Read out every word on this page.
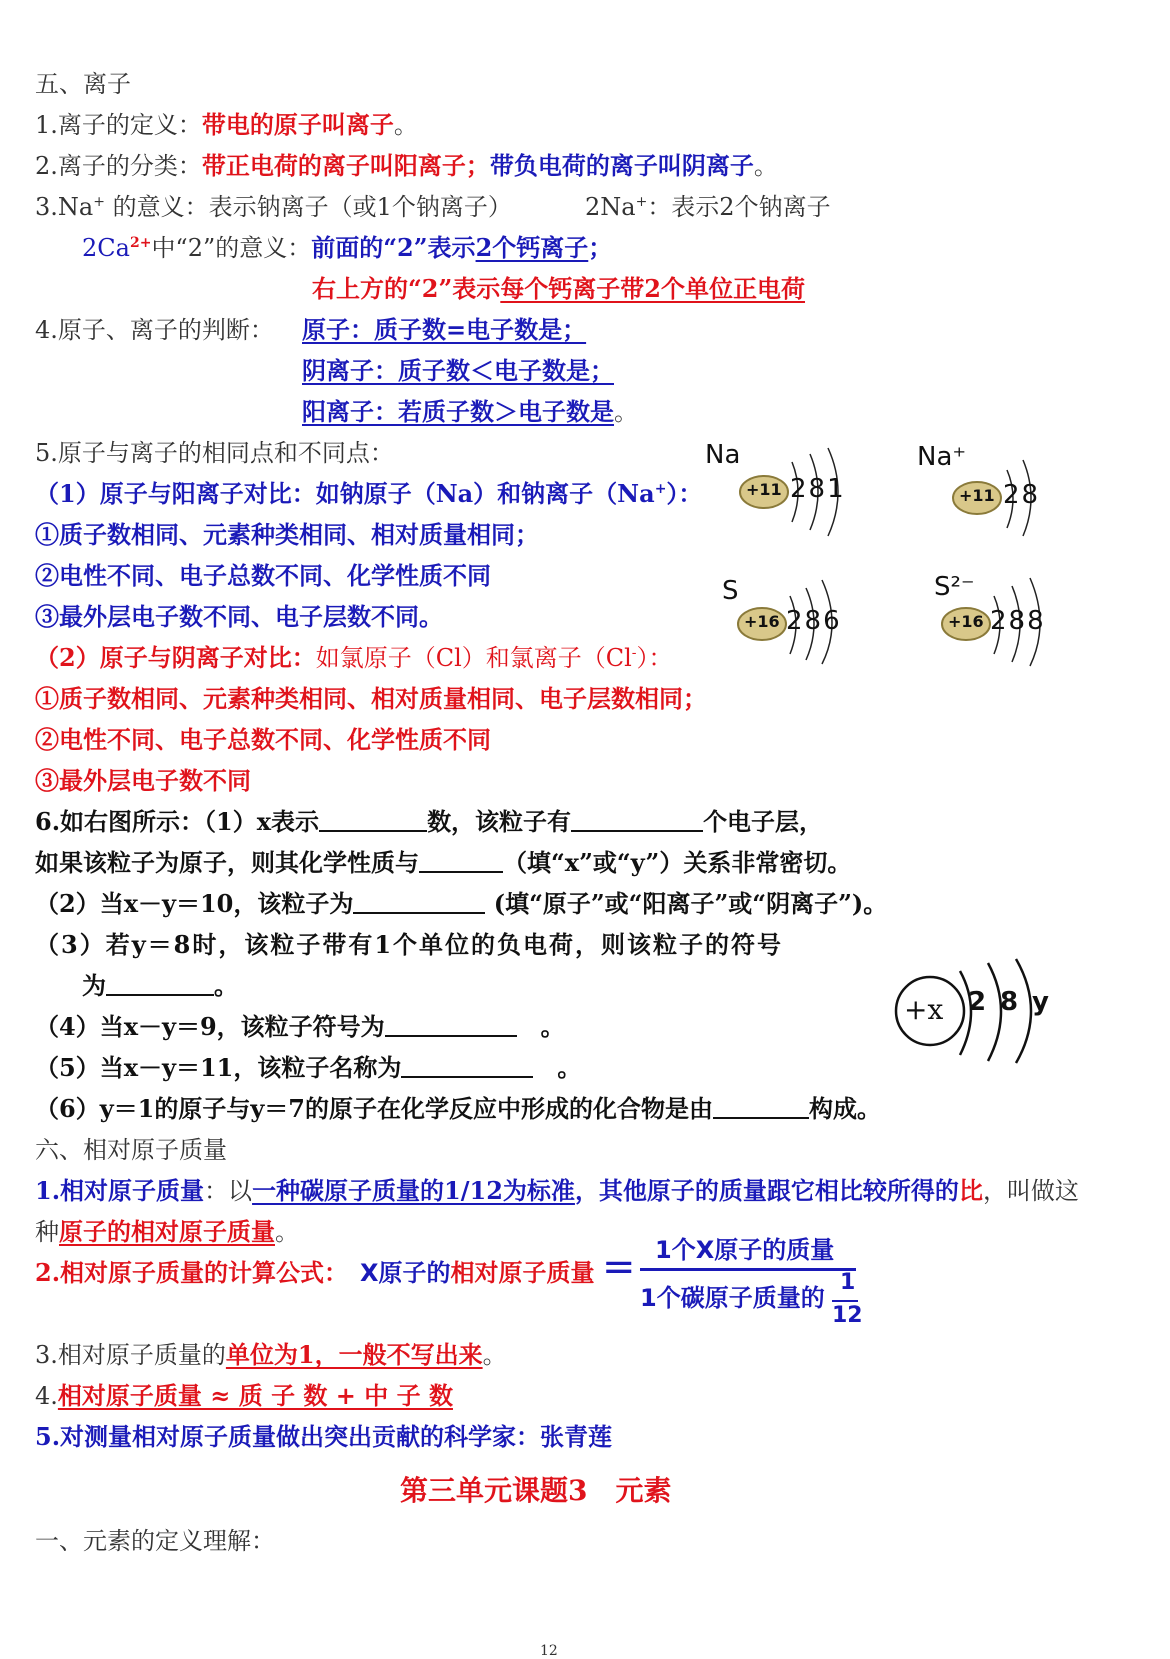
五、离子
1.离子的定义：带电的原子叫离子。
2.离子的分类：带正电荷的离子叫阳离子；带负电荷的离子叫阴离子。
3.Na+ 的意义：表示钠离子（或1个钠离子）	2Na+：表示2个钠离子
$2Ca^{2+}$中“2”的意义：前面的“2”表示2个钙离子；
右上方的“2”表示每个钙离子带2个单位正电荷
4.原子、离子的判断： 原子：质子数=电子数是；
阴离子：质子数＜电子数是；
阳离子：若质子数＞电子数是。
5.原子与离子的相同点和不同点：
（1）原子与阳离子对比：如钠原子（Na）和钠离子（Na+）：
①质子数相同、元素种类相同、相对质量相同；
②电性不同、电子总数不同、化学性质不同
③最外层电子数不同、电子层数不同。
（2）原子与阴离子对比：如氯原子（Cl）和氯离子（Cl-）：
①质子数相同、元素种类相同、相对质量相同、电子层数相同；
②电性不同、电子总数不同、化学性质不同
③最外层电子数不同
Na
+11 281
Na⁺
+11 28
S
+16 286
S²⁻
+16 288
6.如右图所示：（1）x表示	数，该粒子有	个电子层，
如果该粒子为原子，则其化学性质与	（填“x”或“y”）关系非常密切。
（2）当x－y＝10，该粒子为	(填“原子”或“阳离子”或“阴离子”)。
（3）若y＝8时，该粒子带有1个单位的负电荷，则该粒子的符号
为	。
（4）当x－y＝9，该粒子符号为　	。
（5）当x－y＝11，该粒子名称为　	。
（6）y＝1的原子与y＝7的原子在化学反应中形成的化合物是由	构成。
+x 2 8 y
六、相对原子质量
1.相对原子质量：以一种碳原子质量的1/12为标准，其他原子的质量跟它相比较所得的比，叫做这
种原子的相对原子质量。
2.相对原子质量的计算公式： X原子的相对原子质量 = 1个X原子的质量
1个碳原子质量的
1
12
3.相对原子质量的单位为1，一般不写出来。
4.相对原子质量 ≈ 质 子 数 + 中 子 数
5.对测量相对原子质量做出突出贡献的科学家：张青莲
第三单元课题3　元素
一、元素的定义理解：
12
